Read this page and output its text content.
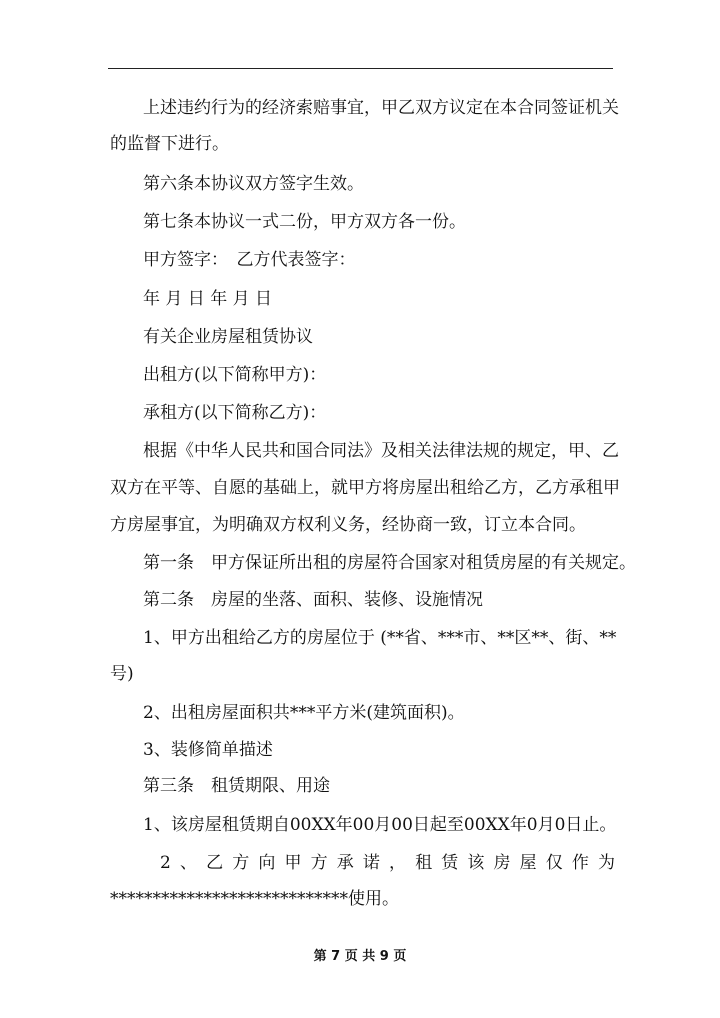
上述违约行为的经济索赔事宜，甲乙双方议定在本合同签证机关
的监督下进行。
第六条本协议双方签字生效。
第七条本协议一式二份，甲方双方各一份。
甲方签字：　乙方代表签字：
年 月 日 年 月 日
有关企业房屋租赁协议
出租方(以下简称甲方)：
承租方(以下简称乙方)：
根据《中华人民共和国合同法》及相关法律法规的规定，甲、乙
双方在平等、自愿的基础上，就甲方将房屋出租给乙方，乙方承租甲
方房屋事宜，为明确双方权利义务，经协商一致，订立本合同。
第一条　甲方保证所出租的房屋符合国家对租赁房屋的有关规定。
第二条　房屋的坐落、面积、装修、设施情况
1、甲方出租给乙方的房屋位于 (**省、***市、**区**、街、**
号)
2、出租房屋面积共***平方米(建筑面积)。
3、装修简单描述
第三条　租赁期限、用途
1、该房屋租赁期自00XX年00月00日起至00XX年0月0日止。
2 、 乙 方 向 甲 方 承 诺 ， 租 赁 该 房 屋 仅 作 为
****************************使用。
第 7 页 共 9 页
